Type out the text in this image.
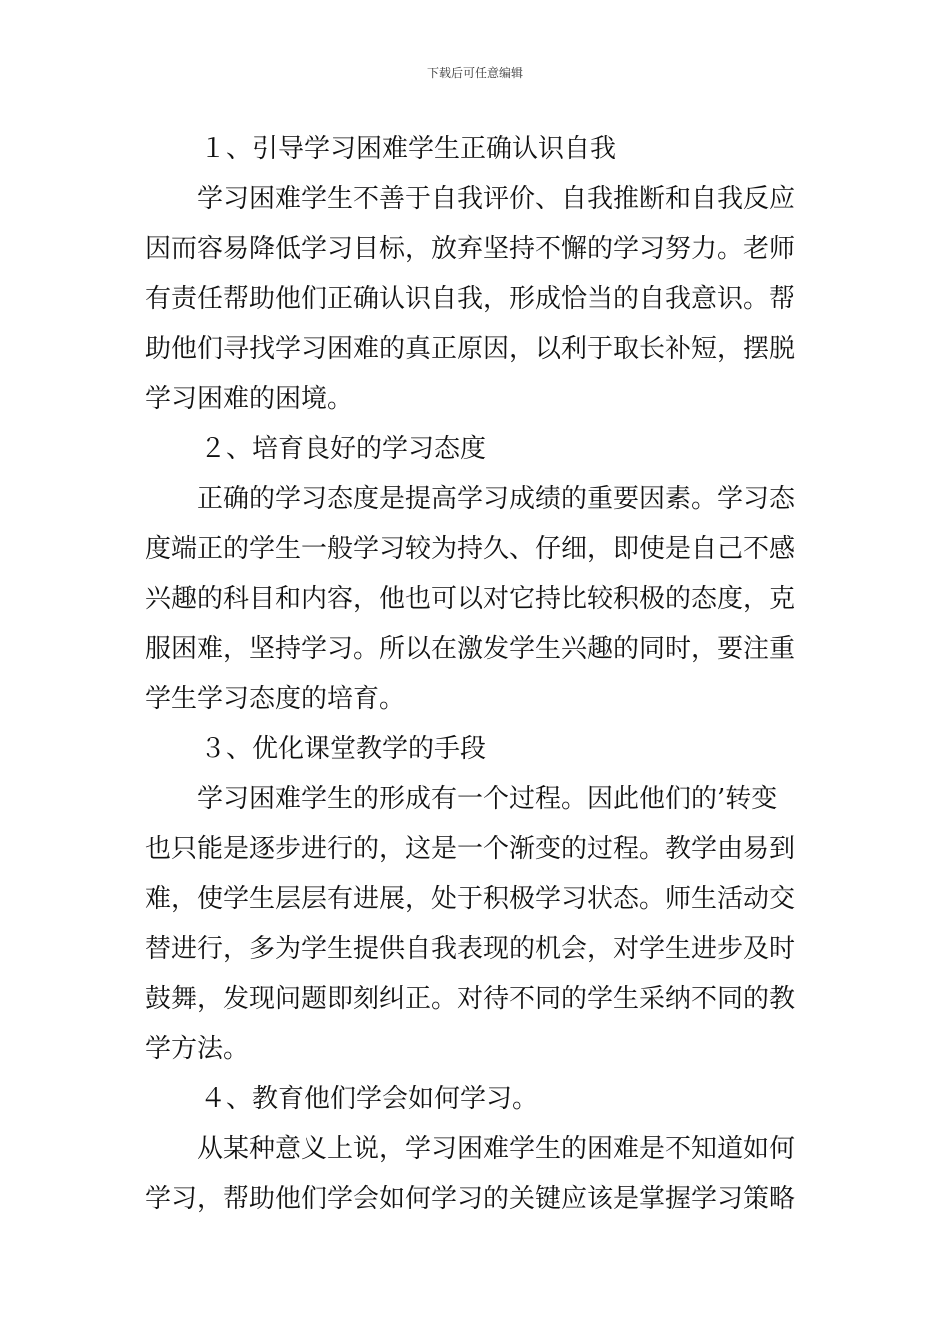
下载后可任意编辑
１、引导学习困难学生正确认识自我
学习困难学生不善于自我评价、自我推断和自我反应
因而容易降低学习目标，放弃坚持不懈的学习努力。老师
有责任帮助他们正确认识自我，形成恰当的自我意识。帮
助他们寻找学习困难的真正原因，以利于取长补短，摆脱
学习困难的困境。
２、培育良好的学习态度
正确的学习态度是提高学习成绩的重要因素。学习态
度端正的学生一般学习较为持久、仔细，即使是自己不感
兴趣的科目和内容，他也可以对它持比较积极的态度，克
服困难，坚持学习。所以在激发学生兴趣的同时，要注重
学生学习态度的培育。
３、优化课堂教学的手段
学习困难学生的形成有一个过程。因此他们的’转变
也只能是逐步进行的，这是一个渐变的过程。教学由易到
难，使学生层层有进展，处于积极学习状态。师生活动交
替进行，多为学生提供自我表现的机会，对学生进步及时
鼓舞，发现问题即刻纠正。对待不同的学生采纳不同的教
学方法。
４、教育他们学会如何学习。
从某种意义上说，学习困难学生的困难是不知道如何
学习，帮助他们学会如何学习的关键应该是掌握学习策略
